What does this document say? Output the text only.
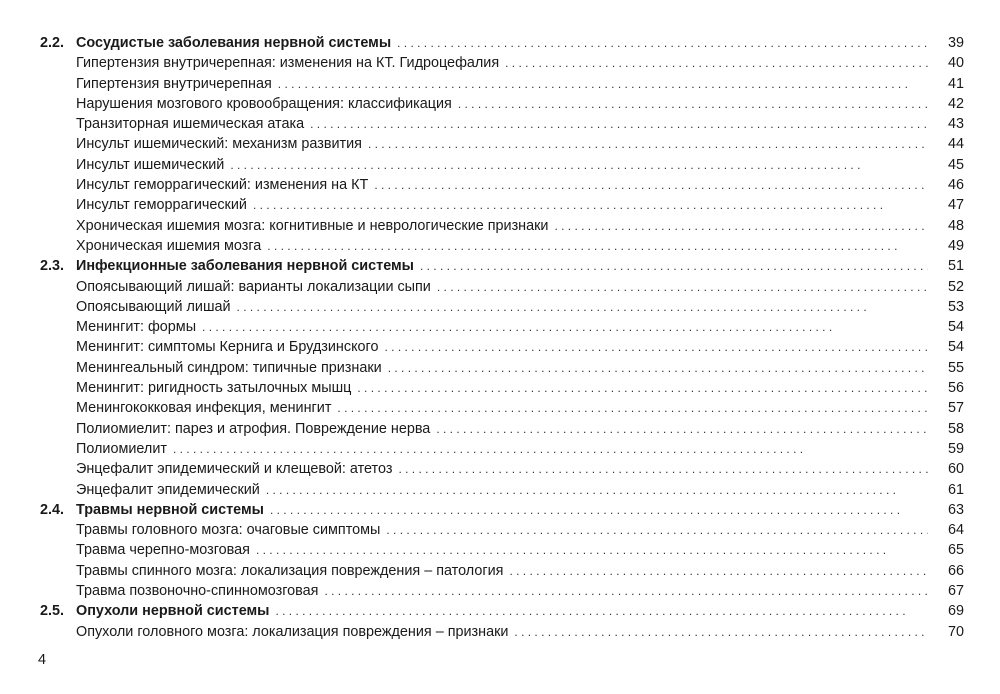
2.2. Сосудистые заболевания нервной системы . . .	39
Гипертензия внутричерепная: изменения на КТ. Гидроцефалия . . .	40
Гипертензия внутричерепная . . .	41
Нарушения мозгового кровообращения: классификация . . .	42
Транзиторная ишемическая атака . . .	43
Инсульт ишемический: механизм развития . . .	44
Инсульт ишемический . . .	45
Инсульт геморрагический: изменения на КТ . . .	46
Инсульт геморрагический . . .	47
Хроническая ишемия мозга: когнитивные и неврологические признаки . . .	48
Хроническая ишемия мозга . . .	49
2.3. Инфекционные заболевания нервной системы . . .	51
Опоясывающий лишай: варианты локализации сыпи . . .	52
Опоясывающий лишай . . .	53
Менингит: формы . . .	54
Менингит: симптомы Кернига и Брудзинского . . .	54
Менингеальный синдром: типичные признаки . . .	55
Менингит: ригидность затылочных мышц . . .	56
Менингококковая инфекция, менингит . . .	57
Полиомиелит: парез и атрофия. Повреждение нерва . . .	58
Полиомиелит . . .	59
Энцефалит эпидемический и клещевой: атетоз . . .	60
Энцефалит эпидемический . . .	61
2.4. Травмы нервной системы . . .	63
Травмы головного мозга: очаговые симптомы . . .	64
Травма черепно-мозговая . . .	65
Травмы спинного мозга: локализация повреждения – патология . . .	66
Травма позвоночно-спинномозговая . . .	67
2.5. Опухоли нервной системы . . .	69
Опухоли головного мозга: локализация повреждения – признаки . . .	70
4
